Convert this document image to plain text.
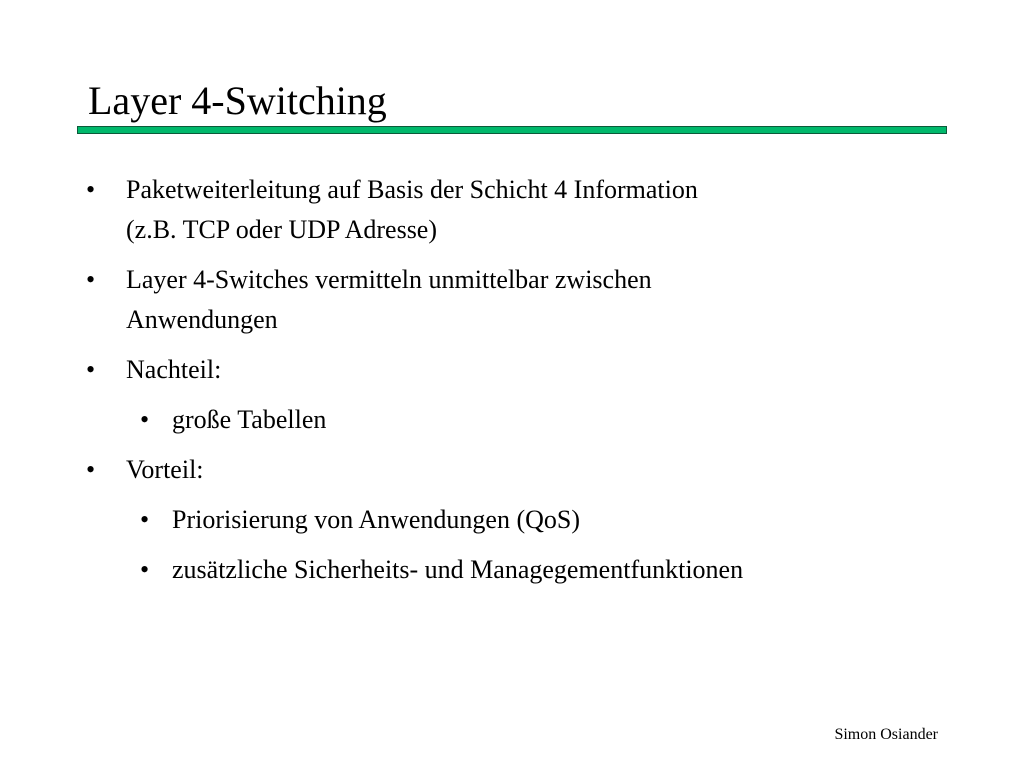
Layer 4-Switching
• Paketweiterleitung auf Basis der Schicht 4 Information
(z.B. TCP oder UDP Adresse)
• Layer 4-Switches vermitteln unmittelbar zwischen
Anwendungen
• Nachteil:
• große Tabellen
• Vorteil:
• Priorisierung von Anwendungen (QoS)
• zusätzliche Sicherheits- und Managegementfunktionen
Simon Osiander
